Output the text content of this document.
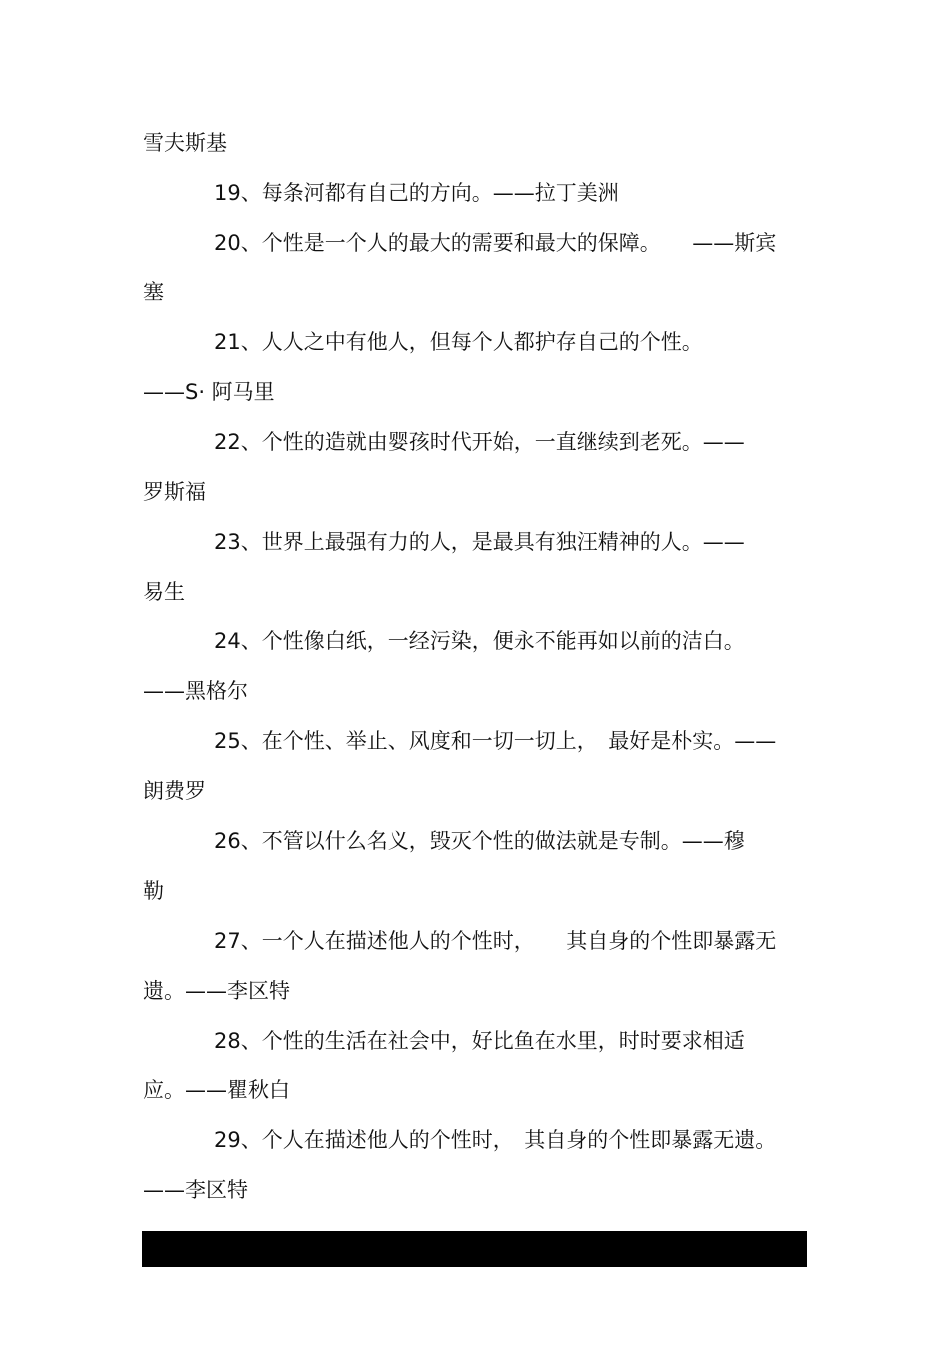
雪夫斯基
19、每条河都有自己的方向。——拉丁美洲
20、个性是一个人的最大的需要和最大的保障。　　——斯宾
塞
21、人人之中有他人，但每个人都护存自己的个性。
——S· 阿马里
22、个性的造就由婴孩时代开始，一直继续到老死。——
罗斯福
23、世界上最强有力的人，是最具有独汪精神的人。——
易生
24、个性像白纸，一经污染，便永不能再如以前的洁白。
——黑格尔
25、在个性、举止、风度和一切一切上，　最好是朴实。——
朗费罗
26、不管以什么名义，毁灭个性的做法就是专制。——穆
勒
27、一个人在描述他人的个性时，　　其自身的个性即暴露无
遗。——李区特
28、个性的生活在社会中，好比鱼在水里，时时要求相适
应。——瞿秋白
29、个人在描述他人的个性时，　其自身的个性即暴露无遗。
——李区特
